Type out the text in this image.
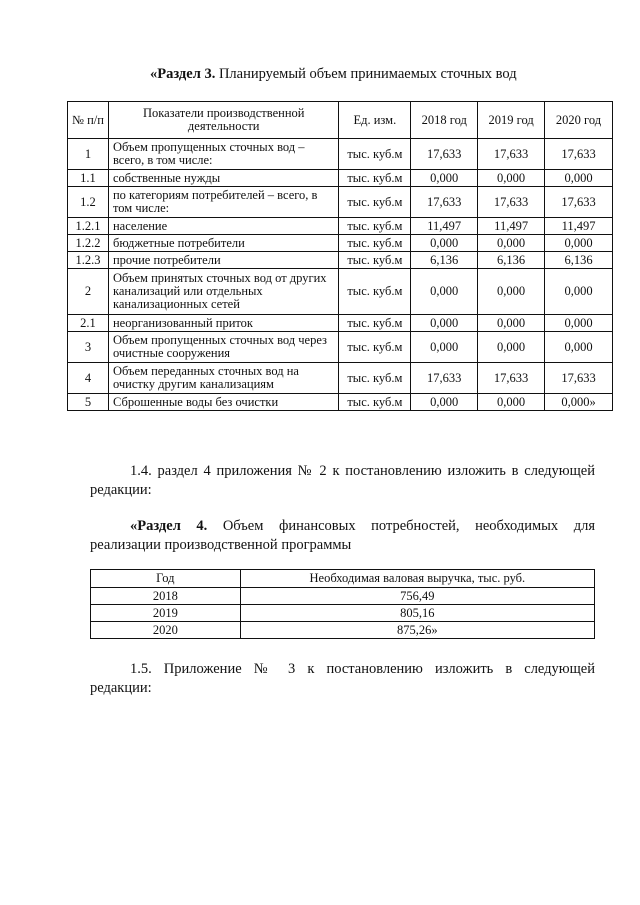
«Раздел 3. Планируемый объем принимаемых сточных вод
№ п/п	Показатели производственной деятельности	Ед. изм.	2018 год	2019 год	2020 год
1	Объем пропущенных сточных вод – всего, в том числе:	тыс. куб.м	17,633	17,633	17,633
1.1	собственные нужды	тыс. куб.м	0,000	0,000	0,000
1.2	по категориям потребителей – всего, в том числе:	тыс. куб.м	17,633	17,633	17,633
1.2.1	население	тыс. куб.м	11,497	11,497	11,497
1.2.2	бюджетные потребители	тыс. куб.м	0,000	0,000	0,000
1.2.3	прочие потребители	тыс. куб.м	6,136	6,136	6,136
2	Объем принятых сточных вод от других канализаций или отдельных канализационных сетей	тыс. куб.м	0,000	0,000	0,000
2.1	неорганизованный приток	тыс. куб.м	0,000	0,000	0,000
3	Объем пропущенных сточных вод через очистные сооружения	тыс. куб.м	0,000	0,000	0,000
4	Объем переданных сточных вод на очистку другим канализациям	тыс. куб.м	17,633	17,633	17,633
5	Сброшенные воды без очистки	тыс. куб.м	0,000	0,000	0,000»
1.4. раздел 4 приложения № 2 к постановлению изложить в следующей
редакции:
«Раздел 4. Объем финансовых потребностей, необходимых для
реализации производственной программы
Год	Необходимая валовая выручка, тыс. руб.
2018	756,49
2019	805,16
2020	875,26»
1.5. Приложение № 3 к постановлению изложить в следующей
редакции:
